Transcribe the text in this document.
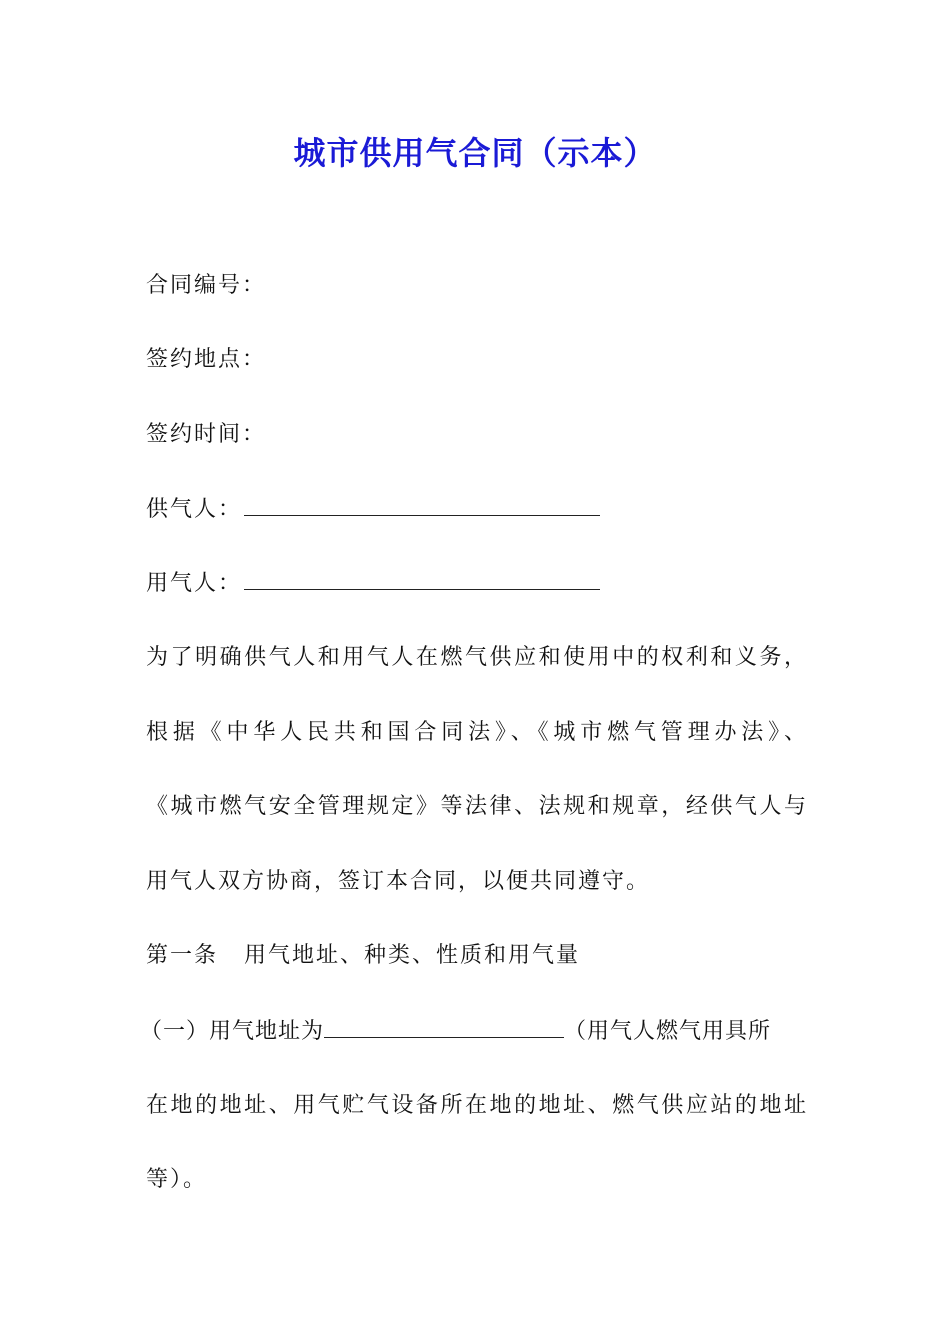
城市供用气合同（示本）
合同编号：
签约地点：
签约时间：
供气人：
用气人：
为了明确供气人和用气人在燃气供应和使用中的权利和义务，
根据《中华人民共和国合同法》、《城市燃气管理办法》、
《城市燃气安全管理规定》等法律、法规和规章，经供气人与
用气人双方协商，签订本合同，以便共同遵守。
第一条 用气地址、种类、性质和用气量
（一）用气地址为	（用气人燃气用具所
在地的地址、用气贮气设备所在地的地址、燃气供应站的地址
等）。
